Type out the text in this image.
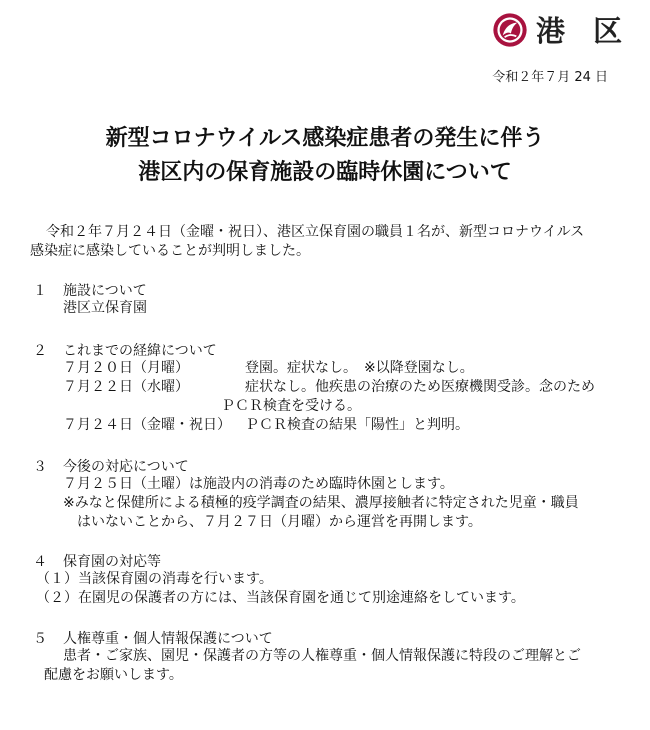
港 区
令和２年７月 24 日
新型コロナウイルス感染症患者の発生に伴う
港区内の保育施設の臨時休園について
令和２年７月２４日（金曜・祝日）、港区立保育園の職員１名が、新型コロナウイルス
感染症に感染していることが判明しました。
１ 施設について
港区立保育園
２ これまでの経緯について
７月２０日（月曜）	登園。症状なし。　※以降登園なし。
７月２２日（水曜）	症状なし。他疾患の治療のため医療機関受診。念のため
ＰＣＲ検査を受ける。
７月２４日（金曜・祝日） ＰＣＲ検査の結果「陽性」と判明。
３ 今後の対応について
７月２５日（土曜）は施設内の消毒のため臨時休園とします。
※みなと保健所による積極的疫学調査の結果、濃厚接触者に特定された児童・職員
はいないことから、７月２７日（月曜）から運営を再開します。
４ 保育園の対応等
（１）当該保育園の消毒を行います。
（２）在園児の保護者の方には、当該保育園を通じて別途連絡をしています。
５ 人権尊重・個人情報保護について
患者・ご家族、園児・保護者の方等の人権尊重・個人情報保護に特段のご理解とご
配慮をお願いします。
